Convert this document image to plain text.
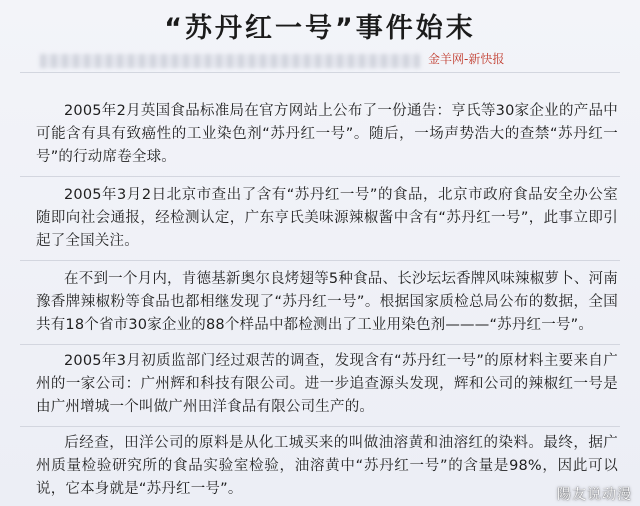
“苏丹红一号”事件始末
金羊网-新快报
2005年2月英国食品标准局在官方网站上公布了一份通告：亨氏等30家企业的产品中可能含有具有致癌性的工业染色剂“苏丹红一号”。随后，一场声势浩大的查禁“苏丹红一号”的行动席卷全球。
2005年3月2日北京市查出了含有“苏丹红一号”的食品，北京市政府食品安全办公室随即向社会通报，经检测认定，广东亨氏美味源辣椒酱中含有“苏丹红一号”，此事立即引起了全国关注。
在不到一个月内，肯德基新奥尔良烤翅等5种食品、长沙坛坛香牌风味辣椒萝卜、河南豫香牌辣椒粉等食品也都相继发现了“苏丹红一号”。根据国家质检总局公布的数据，全国共有18个省市30家企业的88个样品中都检测出了工业用染色剂———“苏丹红一号”。
2005年3月初质监部门经过艰苦的调查，发现含有“苏丹红一号”的原材料主要来自广州的一家公司：广州辉和科技有限公司。进一步追查源头发现，辉和公司的辣椒红一号是由广州增城一个叫做广州田洋食品有限公司生产的。
后经查，田洋公司的原料是从化工城买来的叫做油溶黄和油溶红的染料。最终，据广州质量检验研究所的食品实验室检验，油溶黄中“苏丹红一号”的含量是98%，因此可以说，它本身就是“苏丹红一号”。	陽友说动漫
